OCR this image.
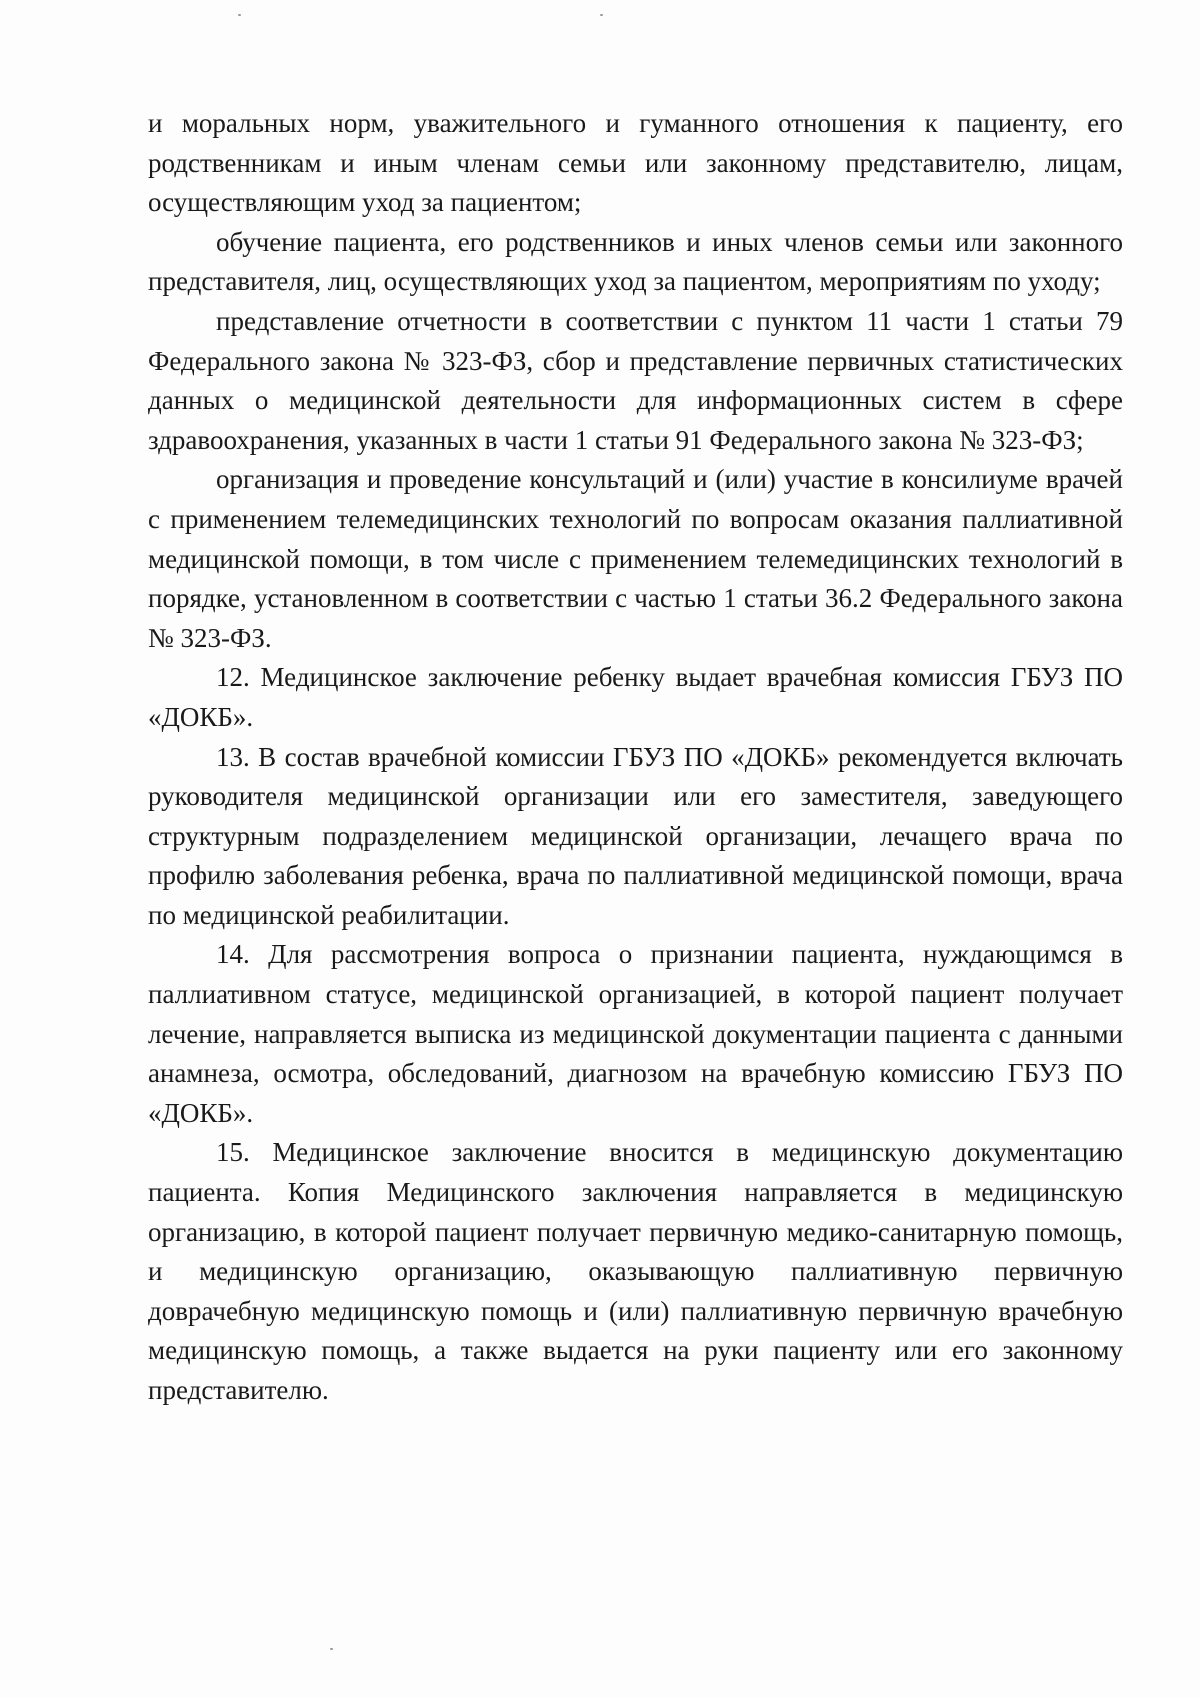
и моральных норм, уважительного и гуманного отношения к пациенту, его родственникам и иным членам семьи или законному представителю, лицам, осуществляющим уход за пациентом;

обучение пациента, его родственников и иных членов семьи или законного представителя, лиц, осуществляющих уход за пациентом, мероприятиям по уходу;

представление отчетности в соответствии с пунктом 11 части 1 статьи 79 Федерального закона № 323-ФЗ, сбор и представление первичных статистических данных о медицинской деятельности для информационных систем в сфере здравоохранения, указанных в части 1 статьи 91 Федерального закона № 323-ФЗ;

организация и проведение консультаций и (или) участие в консилиуме врачей с применением телемедицинских технологий по вопросам оказания паллиативной медицинской помощи, в том числе с применением телемедицинских технологий в порядке, установленном в соответствии с частью 1 статьи 36.2 Федерального закона № 323-ФЗ.

12. Медицинское заключение ребенку выдает врачебная комиссия ГБУЗ ПО «ДОКБ».

13. В состав врачебной комиссии ГБУЗ ПО «ДОКБ» рекомендуется включать руководителя медицинской организации или его заместителя, заведующего структурным подразделением медицинской организации, лечащего врача по профилю заболевания ребенка, врача по паллиативной медицинской помощи, врача по медицинской реабилитации.

14. Для рассмотрения вопроса о признании пациента, нуждающимся в паллиативном статусе, медицинской организацией, в которой пациент получает лечение, направляется выписка из медицинской документации пациента с данными анамнеза, осмотра, обследований, диагнозом на врачебную комиссию ГБУЗ ПО «ДОКБ».

15. Медицинское заключение вносится в медицинскую документацию пациента. Копия Медицинского заключения направляется в медицинскую организацию, в которой пациент получает первичную медико-санитарную помощь, и медицинскую организацию, оказывающую паллиативную первичную доврачебную медицинскую помощь и (или) паллиативную первичную врачебную медицинскую помощь, а также выдается на руки пациенту или его законному представителю.
